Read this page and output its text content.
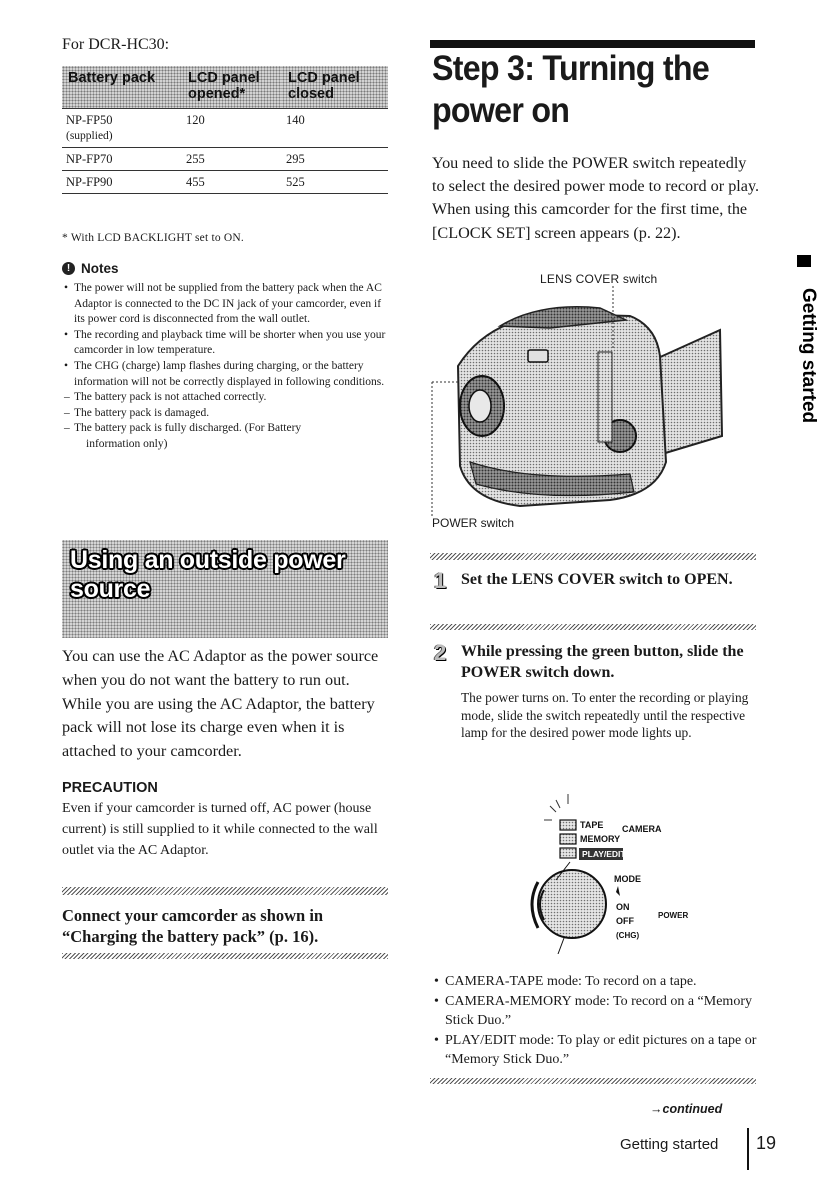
For DCR-HC30:
Battery pack	LCD panel opened*	LCD panel closed
NP-FP50
(supplied)	120	140
NP-FP70	255	295
NP-FP90	455	525
* With LCD BACKLIGHT set to ON.
! Notes
• The power will not be supplied from the battery pack when the AC Adaptor is connected to the DC IN jack of your camcorder, even if its power cord is disconnected from the wall outlet.
• The recording and playback time will be shorter when you use your camcorder in low temperature.
• The CHG (charge) lamp flashes during charging, or the battery information will not be correctly displayed in following conditions.
– The battery pack is not attached correctly.
– The battery pack is damaged.
– The battery pack is fully discharged. (For Battery
information only)
Using an outside power source

You can use the AC Adaptor as the power source when you do not want the battery to run out. While you are using the AC Adaptor, the battery pack will not lose its charge even when it is attached to your camcorder.

PRECAUTION

Even if your camcorder is turned off, AC power (house current) is still supplied to it while connected to the wall outlet via the AC Adaptor.

Connect your camcorder as shown in “Charging the battery pack” (p. 16).

Step 3: Turning the power on

You need to slide the POWER switch repeatedly to select the desired power mode to record or play. When using this camcorder for the first time, the [CLOCK SET] screen appears (p. 22).

LENS COVER switch
POWER switch
1 Set the LENS COVER switch to OPEN.
2 While pressing the green button, slide the POWER switch down.

The power turns on. To enter the recording or playing mode, slide the switch repeatedly until the respective lamp for the desired power mode lights up.

TAPE CAMERA
MEMORY
PLAY/EDIT
MODE
ON
POWER
OFF
(CHG)
• CAMERA-TAPE mode: To record on a tape.
• CAMERA-MEMORY mode: To record on a “Memory Stick Duo.”
• PLAY/EDIT mode: To play or edit pictures on a tape or “Memory Stick Duo.”
→continued
Getting started 19
Getting started
